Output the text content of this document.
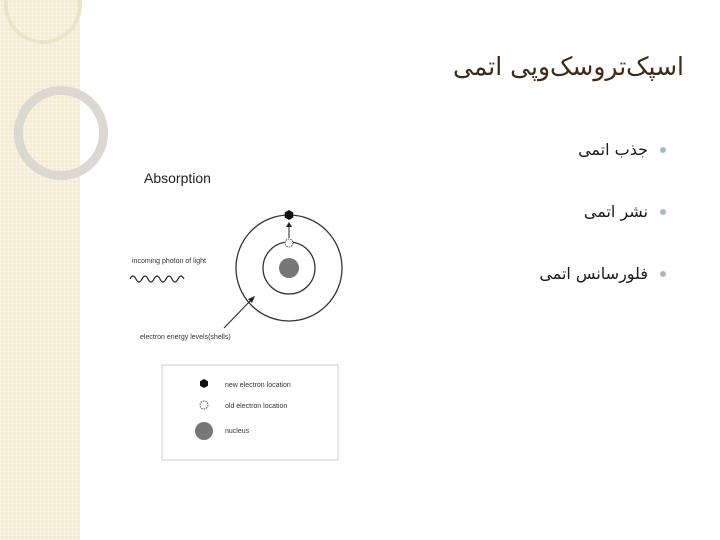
اسپک‌تروسک‌وپی اتمی
جذب اتمی
نشر اتمی
فلورسانس اتمی
Absorption
incoming photon of light
electron energy levels(shells)
new electron location
old electron location
nucleus
